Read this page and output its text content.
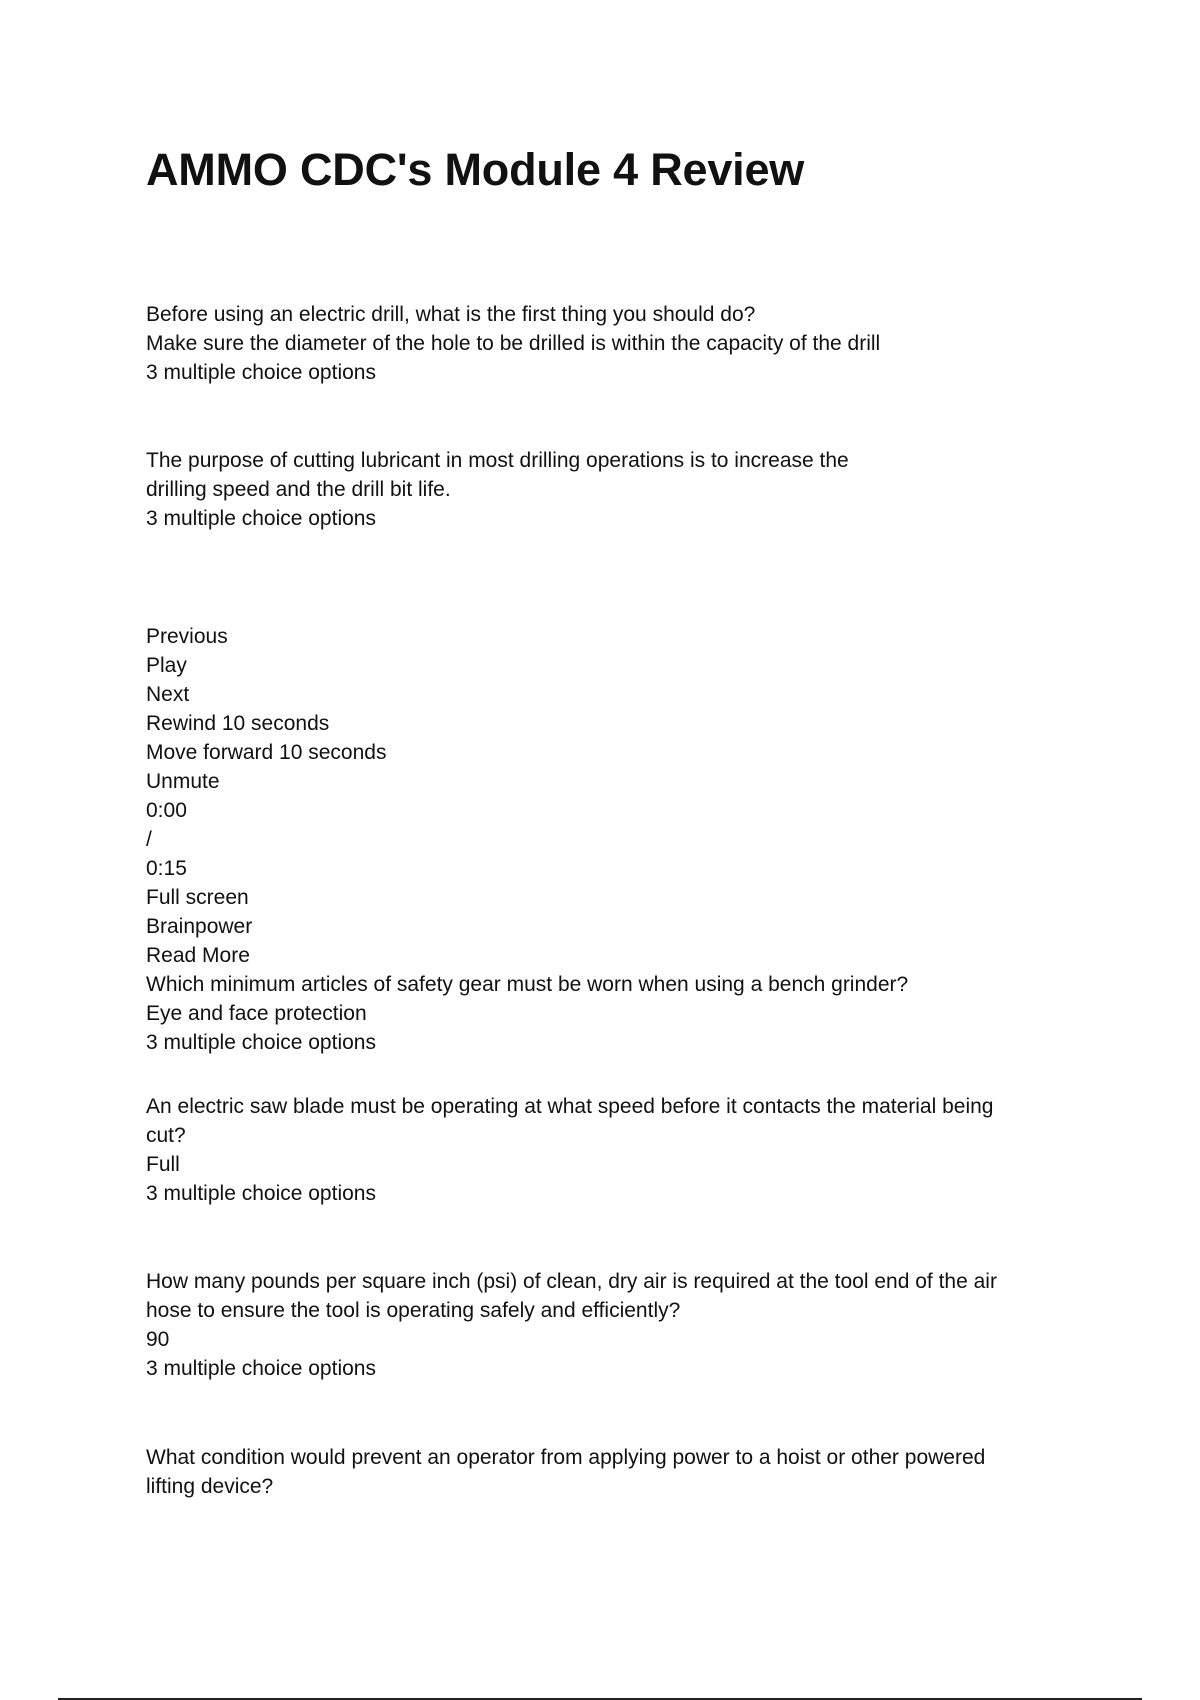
AMMO CDC's Module 4 Review
Before using an electric drill, what is the first thing you should do?
Make sure the diameter of the hole to be drilled is within the capacity of the drill
3 multiple choice options
The purpose of cutting lubricant in most drilling operations is to increase the
drilling speed and the drill bit life.
3 multiple choice options
Previous
Play
Next
Rewind 10 seconds
Move forward 10 seconds
Unmute
0:00
/
0:15
Full screen
Brainpower
Read More
Which minimum articles of safety gear must be worn when using a bench grinder?
Eye and face protection
3 multiple choice options
An electric saw blade must be operating at what speed before it contacts the material being
cut?
Full
3 multiple choice options
How many pounds per square inch (psi) of clean, dry air is required at the tool end of the air
hose to ensure the tool is operating safely and efficiently?
90
3 multiple choice options
What condition would prevent an operator from applying power to a hoist or other powered
lifting device?
